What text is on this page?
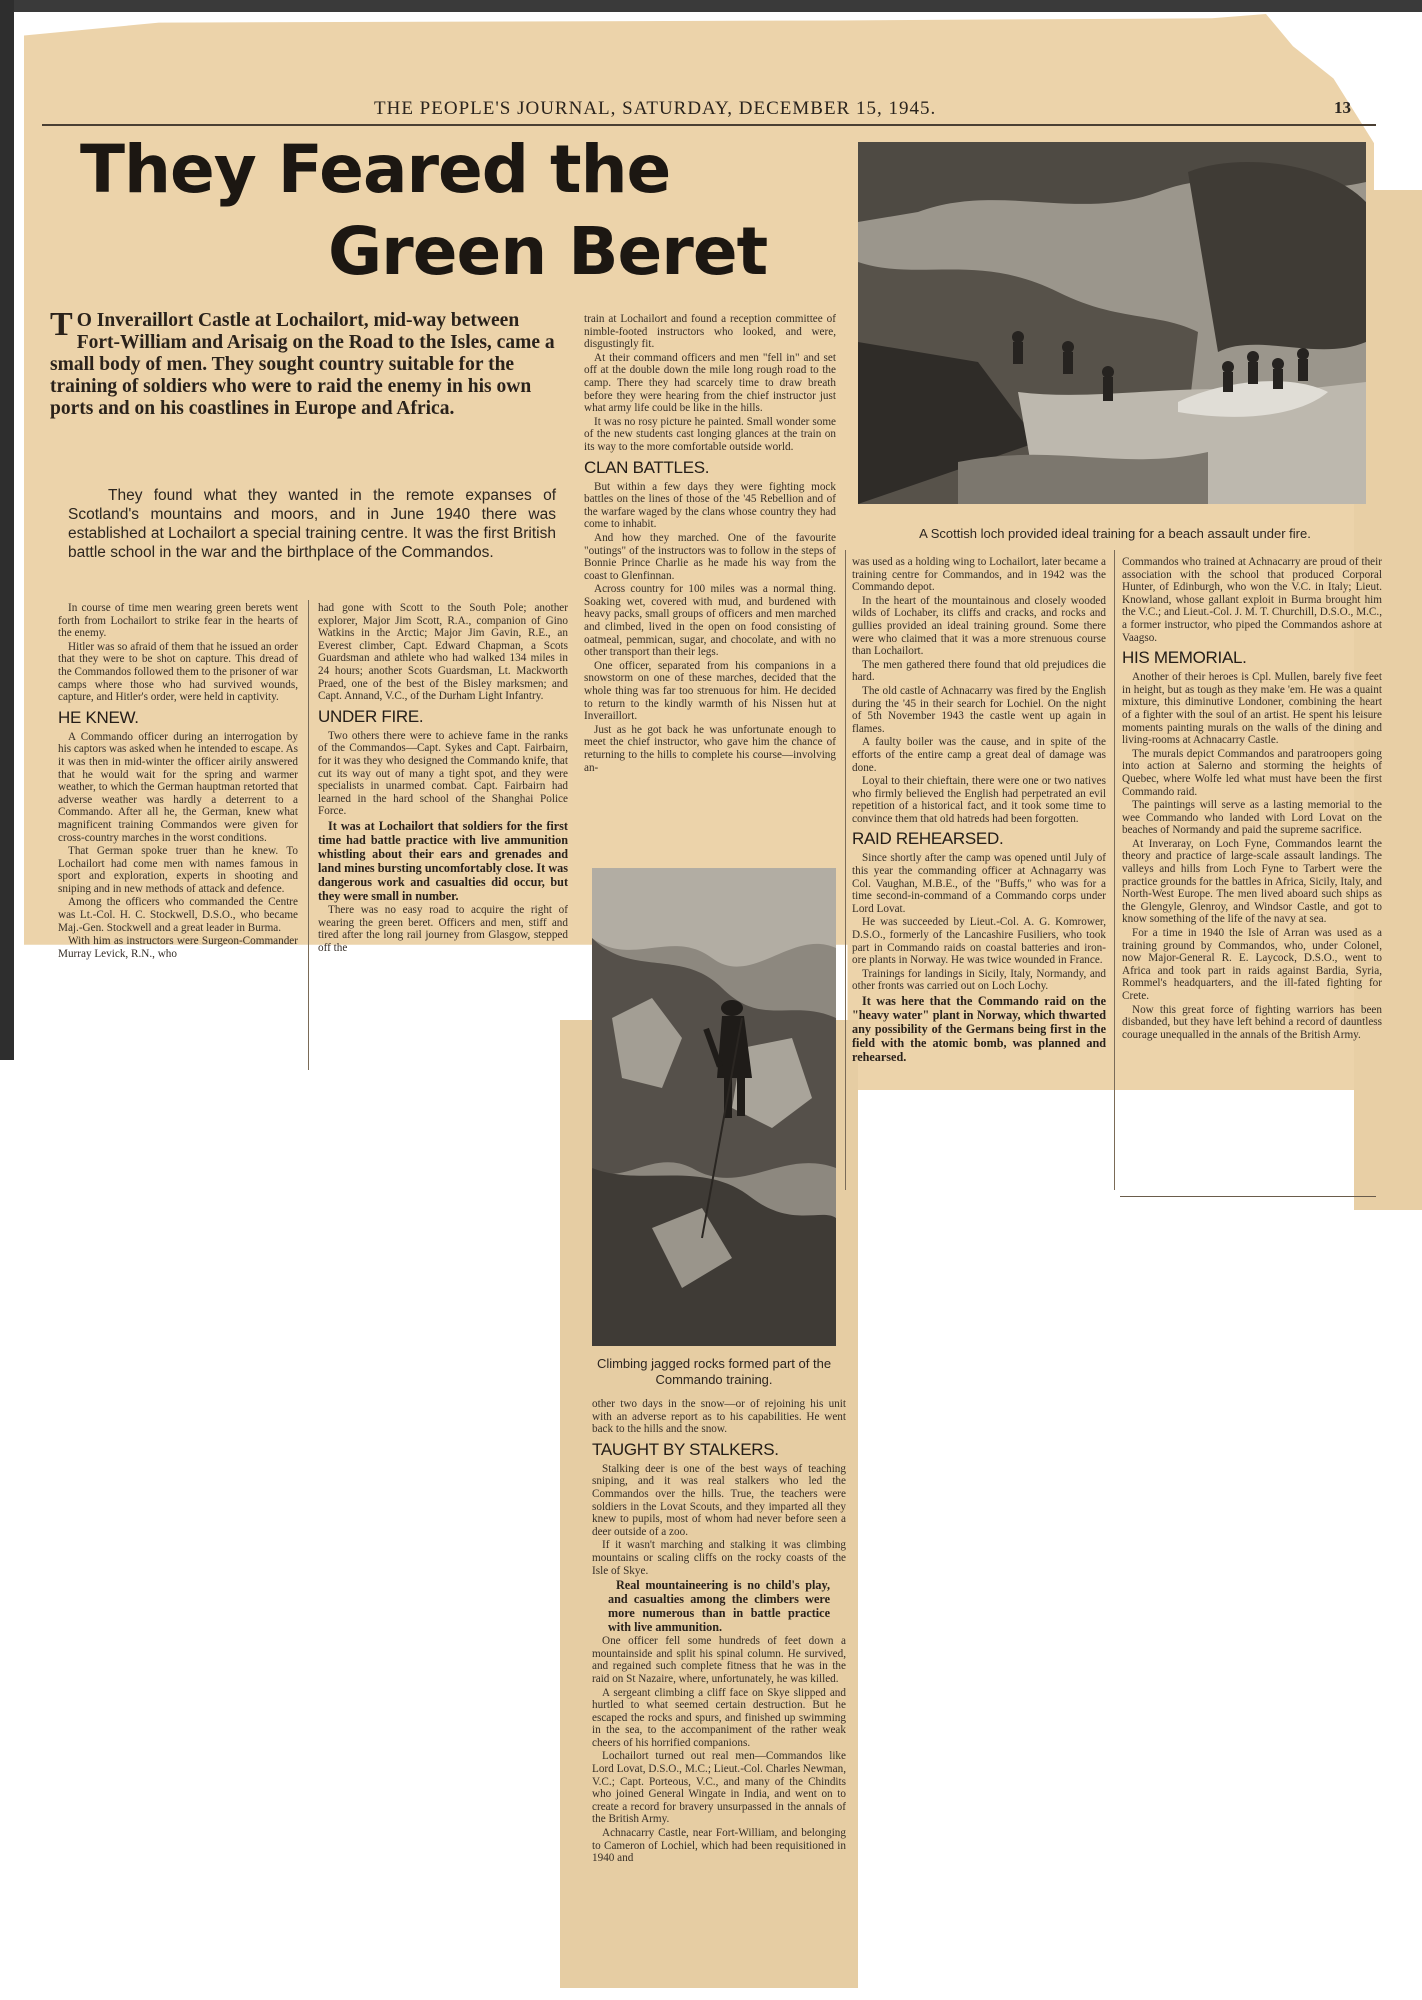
THE PEOPLE'S JOURNAL, SATURDAY, DECEMBER 15, 1945.	13
They Feared the
Green Beret
T O Inveraillort Castle at Lochailort, mid-way between Fort-William and Arisaig on the Road to the Isles, came a small body of men. They sought country suitable for the training of soldiers who were to raid the enemy in his own ports and on his coastlines in Europe and Africa.
They found what they wanted in the remote expanses of Scotland's mountains and moors, and in June 1940 there was established at Lochailort a special training centre. It was the first British battle school in the war and the birthplace of the Commandos.

In course of time men wearing green berets went forth from Lochailort to strike fear in the hearts of the enemy.

Hitler was so afraid of them that he issued an order that they were to be shot on capture. This dread of the Commandos followed them to the prisoner of war camps where those who had survived wounds, capture, and Hitler's order, were held in captivity.

HE KNEW.

A Commando officer during an interrogation by his captors was asked when he intended to escape. As it was then in mid-winter the officer airily answered that he would wait for the spring and warmer weather, to which the German hauptman retorted that adverse weather was hardly a deterrent to a Commando. After all he, the German, knew what magnificent training Commandos were given for cross-country marches in the worst conditions.

That German spoke truer than he knew. To Lochailort had come men with names famous in sport and exploration, experts in shooting and sniping and in new methods of attack and defence.

Among the officers who commanded the Centre was Lt.-Col. H. C. Stockwell, D.S.O., who became Maj.-Gen. Stockwell and a great leader in Burma.

With him as instructors were Surgeon-Commander Murray Levick, R.N., who

had gone with Scott to the South Pole; another explorer, Major Jim Scott, R.A., companion of Gino Watkins in the Arctic; Major Jim Gavin, R.E., an Everest climber, Capt. Edward Chapman, a Scots Guardsman and athlete who had walked 134 miles in 24 hours; another Scots Guardsman, Lt. Mackworth Praed, one of the best of the Bisley marksmen; and Capt. Annand, V.C., of the Durham Light Infantry.

UNDER FIRE.

Two others there were to achieve fame in the ranks of the Commandos—Capt. Sykes and Capt. Fairbairn, for it was they who designed the Commando knife, that cut its way out of many a tight spot, and they were specialists in unarmed combat. Capt. Fairbairn had learned in the hard school of the Shanghai Police Force.

It was at Lochailort that soldiers for the first time had battle practice with live ammunition whistling about their ears and grenades and land mines bursting uncomfortably close. It was dangerous work and casualties did occur, but they were small in number.

There was no easy road to acquire the right of wearing the green beret. Officers and men, stiff and tired after the long rail journey from Glasgow, stepped off the

train at Lochailort and found a reception committee of nimble-footed instructors who looked, and were, disgustingly fit.

At their command officers and men "fell in" and set off at the double down the mile long rough road to the camp. There they had scarcely time to draw breath before they were hearing from the chief instructor just what army life could be like in the hills.

It was no rosy picture he painted. Small wonder some of the new students cast longing glances at the train on its way to the more comfortable outside world.

CLAN BATTLES.

But within a few days they were fighting mock battles on the lines of those of the '45 Rebellion and of the warfare waged by the clans whose country they had come to inhabit.

And how they marched. One of the favourite "outings" of the instructors was to follow in the steps of Bonnie Prince Charlie as he made his way from the coast to Glenfinnan.

Across country for 100 miles was a normal thing. Soaking wet, covered with mud, and burdened with heavy packs, small groups of officers and men marched and climbed, lived in the open on food consisting of oatmeal, pemmican, sugar, and chocolate, and with no other transport than their legs.

One officer, separated from his companions in a snowstorm on one of these marches, decided that the whole thing was far too strenuous for him. He decided to return to the kindly warmth of his Nissen hut at Inveraillort.

Just as he got back he was unfortunate enough to meet the chief instructor, who gave him the chance of returning to the hills to complete his course—involving an-

A Scottish loch provided ideal training for a beach assault under fire.

was used as a holding wing to Lochailort, later became a training centre for Commandos, and in 1942 was the Commando depot.

In the heart of the mountainous and closely wooded wilds of Lochaber, its cliffs and cracks, and rocks and gullies provided an ideal training ground. Some there were who claimed that it was a more strenuous course than Lochailort.

The men gathered there found that old prejudices die hard.

The old castle of Achnacarry was fired by the English during the '45 in their search for Lochiel. On the night of 5th November 1943 the castle went up again in flames.

A faulty boiler was the cause, and in spite of the efforts of the entire camp a great deal of damage was done.

Loyal to their chieftain, there were one or two natives who firmly believed the English had perpetrated an evil repetition of a historical fact, and it took some time to convince them that old hatreds had been forgotten.

RAID REHEARSED.

Since shortly after the camp was opened until July of this year the commanding officer at Achnagarry was Col. Vaughan, M.B.E., of the "Buffs," who was for a time second-in-command of a Commando corps under Lord Lovat.

He was succeeded by Lieut.-Col. A. G. Komrower, D.S.O., formerly of the Lancashire Fusiliers, who took part in Commando raids on coastal batteries and iron-ore plants in Norway. He was twice wounded in France.

Trainings for landings in Sicily, Italy, Normandy, and other fronts was carried out on Loch Lochy.

It was here that the Commando raid on the "heavy water" plant in Norway, which thwarted any possibility of the Germans being first in the field with the atomic bomb, was planned and rehearsed.

Commandos who trained at Achnacarry are proud of their association with the school that produced Corporal Hunter, of Edinburgh, who won the V.C. in Italy; Lieut. Knowland, whose gallant exploit in Burma brought him the V.C.; and Lieut.-Col. J. M. T. Churchill, D.S.O., M.C., a former instructor, who piped the Commandos ashore at Vaagso.

HIS MEMORIAL.

Another of their heroes is Cpl. Mullen, barely five feet in height, but as tough as they make 'em. He was a quaint mixture, this diminutive Londoner, combining the heart of a fighter with the soul of an artist. He spent his leisure moments painting murals on the walls of the dining and living-rooms at Achnacarry Castle.

The murals depict Commandos and paratroopers going into action at Salerno and storming the heights of Quebec, where Wolfe led what must have been the first Commando raid.

The paintings will serve as a lasting memorial to the wee Commando who landed with Lord Lovat on the beaches of Normandy and paid the supreme sacrifice.

At Inveraray, on Loch Fyne, Commandos learnt the theory and practice of large-scale assault landings. The valleys and hills from Loch Fyne to Tarbert were the practice grounds for the battles in Africa, Sicily, Italy, and North-West Europe. The men lived aboard such ships as the Glengyle, Glenroy, and Windsor Castle, and got to know something of the life of the navy at sea.

For a time in 1940 the Isle of Arran was used as a training ground by Commandos, who, under Colonel, now Major-General R. E. Laycock, D.S.O., went to Africa and took part in raids against Bardia, Syria, Rommel's headquarters, and the ill-fated fighting for Crete.

Now this great force of fighting warriors has been disbanded, but they have left behind a record of dauntless courage unequalled in the annals of the British Army.

Climbing jagged rocks formed part of the Commando training.

other two days in the snow—or of rejoining his unit with an adverse report as to his capabilities. He went back to the hills and the snow.

TAUGHT BY STALKERS.

Stalking deer is one of the best ways of teaching sniping, and it was real stalkers who led the Commandos over the hills. True, the teachers were soldiers in the Lovat Scouts, and they imparted all they knew to pupils, most of whom had never before seen a deer outside of a zoo.

If it wasn't marching and stalking it was climbing mountains or scaling cliffs on the rocky coasts of the Isle of Skye.

Real mountaineering is no child's play, and casualties among the climbers were more numerous than in battle practice with live ammunition.

One officer fell some hundreds of feet down a mountainside and split his spinal column. He survived, and regained such complete fitness that he was in the raid on St Nazaire, where, unfortunately, he was killed.

A sergeant climbing a cliff face on Skye slipped and hurtled to what seemed certain destruction. But he escaped the rocks and spurs, and finished up swimming in the sea, to the accompaniment of the rather weak cheers of his horrified companions.

Lochailort turned out real men—Commandos like Lord Lovat, D.S.O., M.C.; Lieut.-Col. Charles Newman, V.C.; Capt. Porteous, V.C., and many of the Chindits who joined General Wingate in India, and went on to create a record for bravery unsurpassed in the annals of the British Army.

Achnacarry Castle, near Fort-William, and belonging to Cameron of Lochiel, which had been requisitioned in 1940 and
